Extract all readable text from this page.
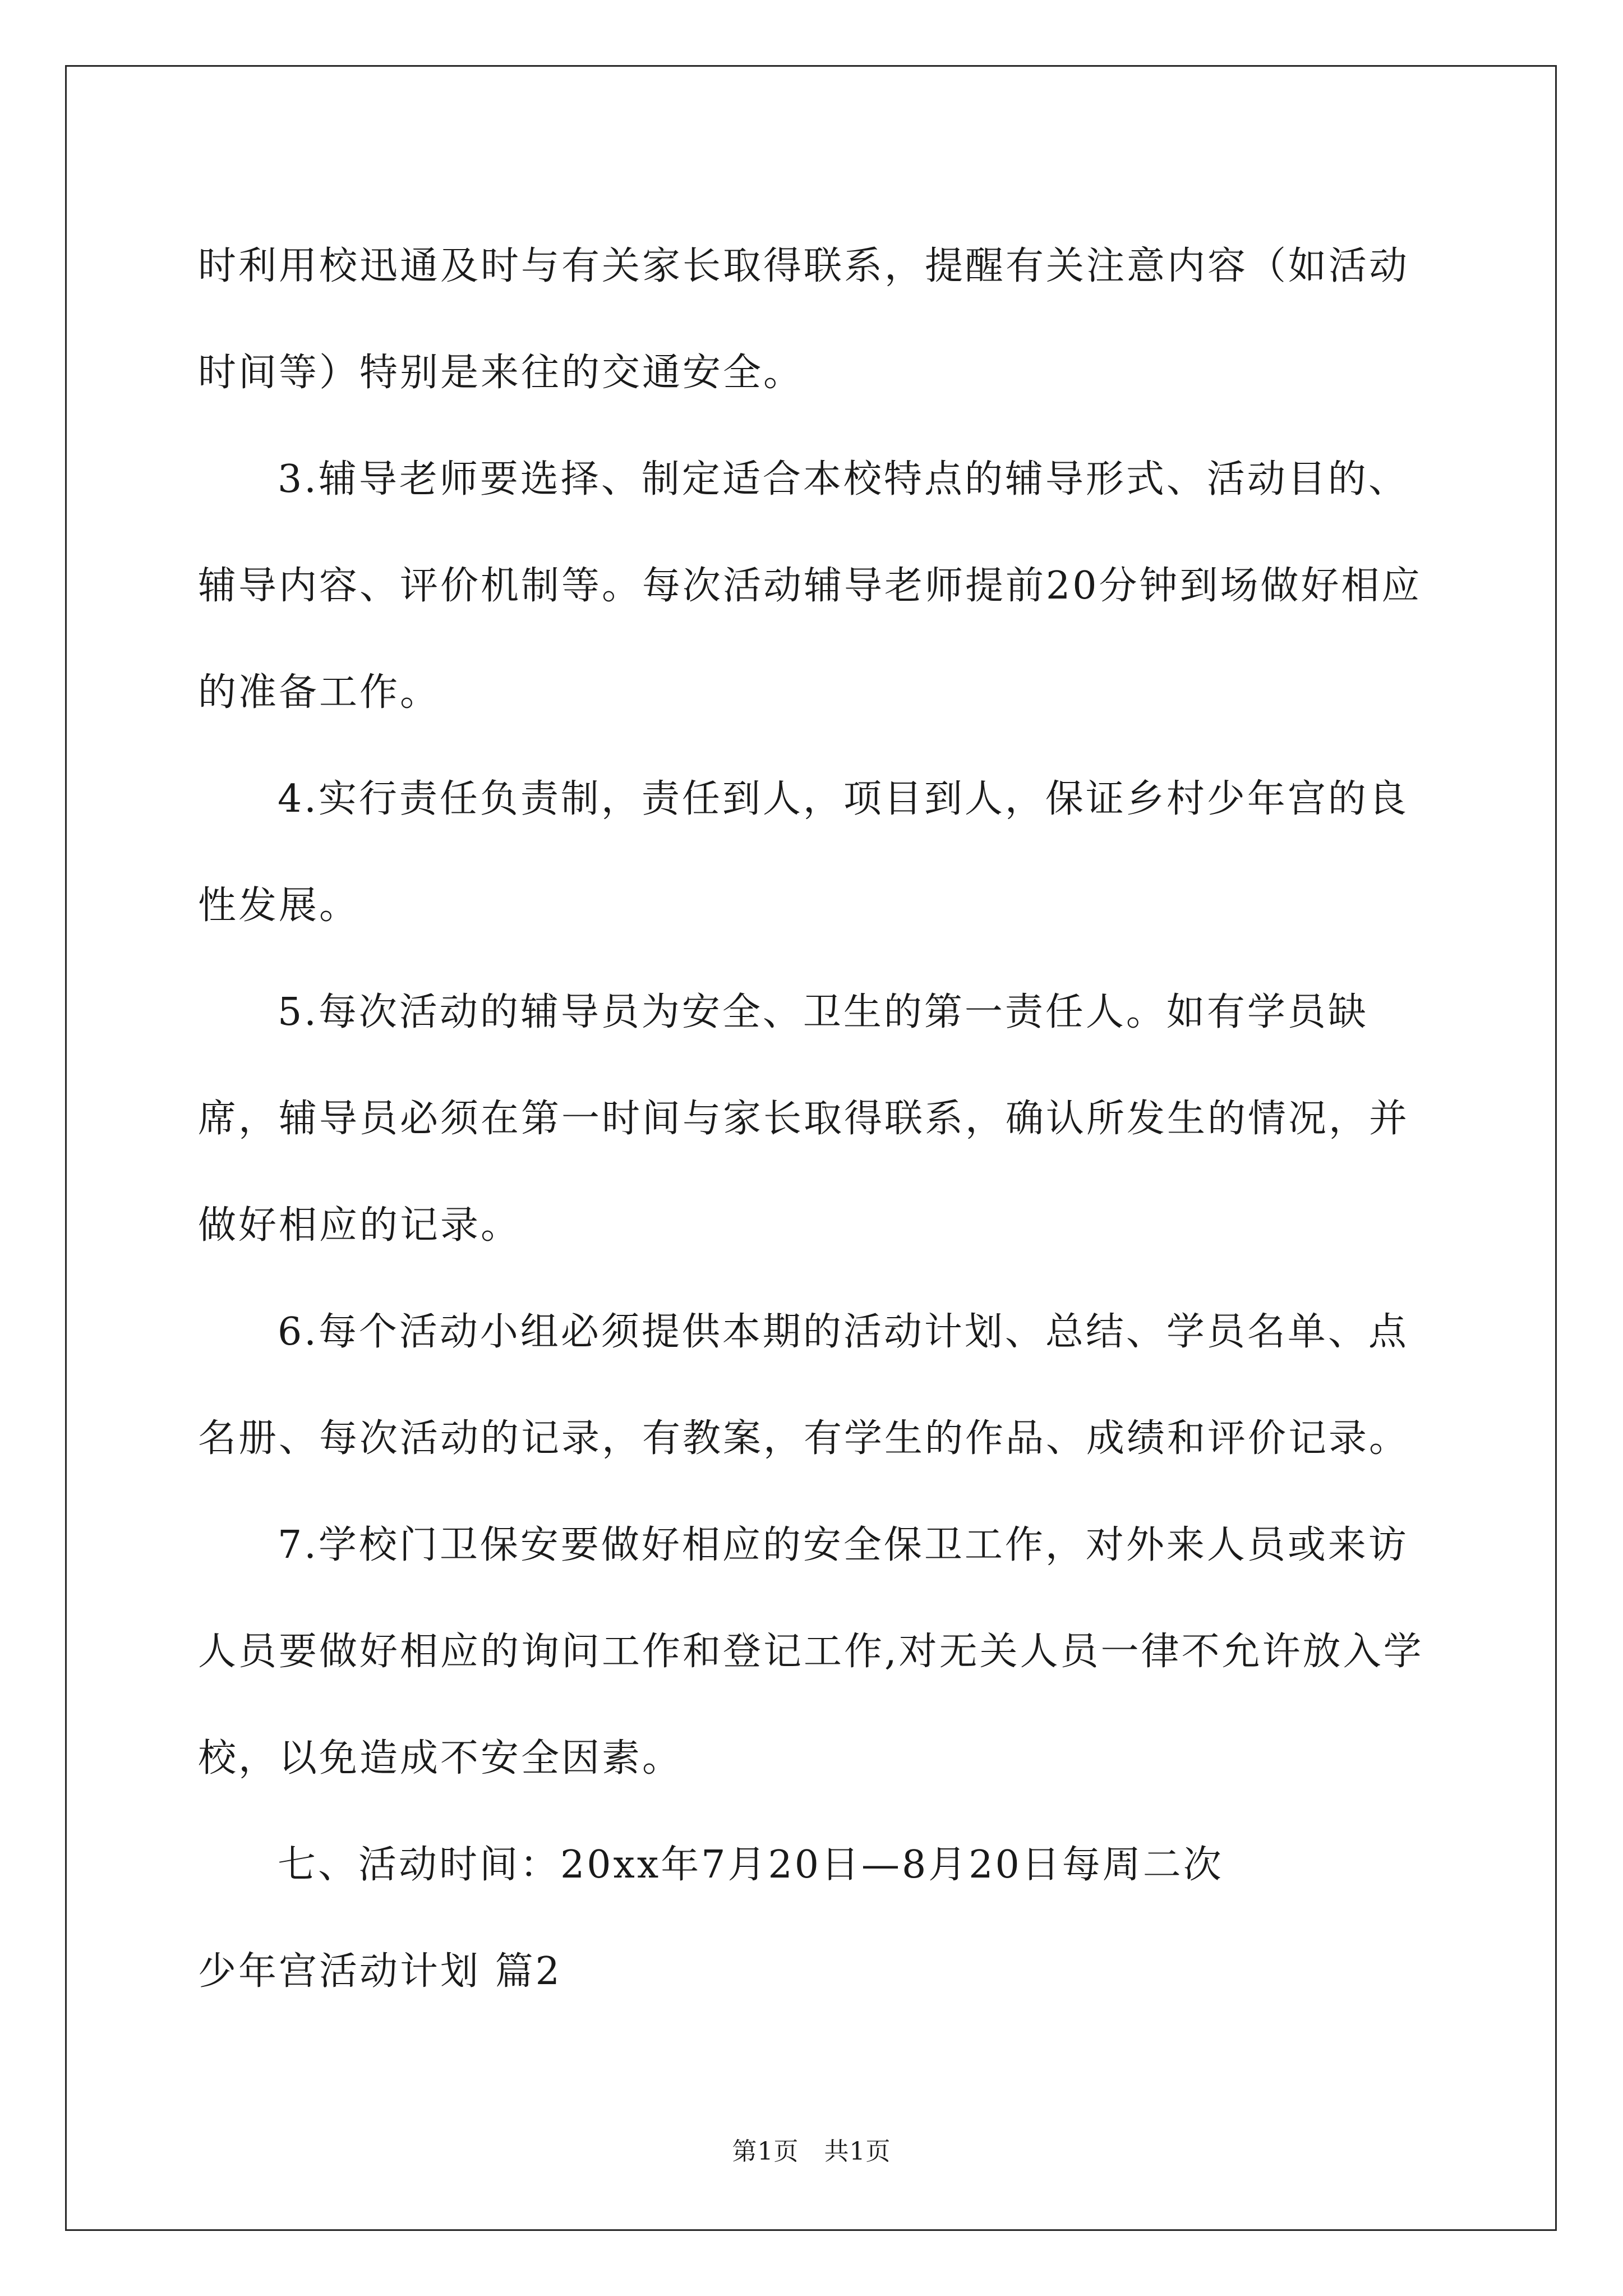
时利用校迅通及时与有关家长取得联系，提醒有关注意内容（如活动时间等）特别是来往的交通安全。

3.辅导老师要选择、制定适合本校特点的辅导形式、活动目的、辅导内容、评价机制等。每次活动辅导老师提前20分钟到场做好相应的准备工作。

4.实行责任负责制，责任到人，项目到人，保证乡村少年宫的良性发展。

5.每次活动的辅导员为安全、卫生的第一责任人。如有学员缺席，辅导员必须在第一时间与家长取得联系，确认所发生的情况，并做好相应的记录。

6.每个活动小组必须提供本期的活动计划、总结、学员名单、点名册、每次活动的记录，有教案，有学生的作品、成绩和评价记录。

7.学校门卫保安要做好相应的安全保卫工作，对外来人员或来访人员要做好相应的询问工作和登记工作,对无关人员一律不允许放入学校，以免造成不安全因素。

七、活动时间：20xx年7月20日—8月20日每周二次

少年宫活动计划 篇2

第1页　共1页
